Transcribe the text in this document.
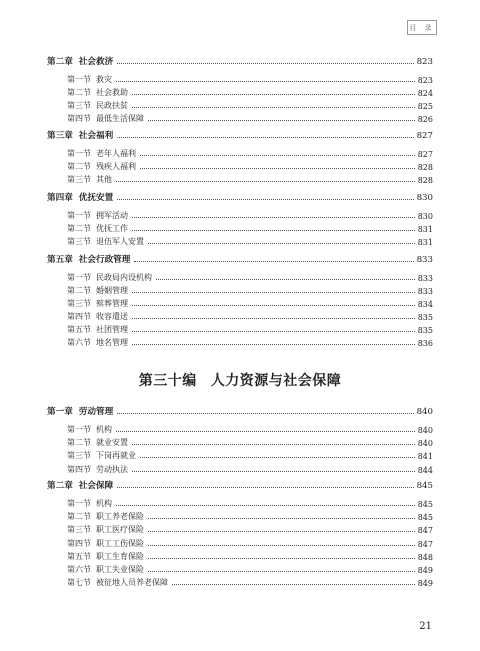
目 录
第二章 社会救济	823
第一节 救灾	823
第二节 社会救助	824
第三节 民政扶贫	825
第四节 最低生活保障	826
第三章 社会福利	827
第一节 老年人福利	827
第二节 残疾人福利	828
第三节 其他	828
第四章 优抚安置	830
第一节 拥军活动	830
第二节 优抚工作	831
第三节 退伍军人安置	831
第五章 社会行政管理	833
第一节 民政局内设机构	833
第二节 婚姻管理	833
第三节 殡葬管理	834
第四节 收容遣送	835
第五节 社团管理	835
第六节 地名管理	836
第三十编 人力资源与社会保障
第一章 劳动管理	840
第一节 机构	840
第二节 就业安置	840
第三节 下岗再就业	841
第四节 劳动执法	844
第二章 社会保障	845
第一节 机构	845
第二节 职工养老保险	845
第三节 职工医疗保险	847
第四节 职工工伤保险	847
第五节 职工生育保险	848
第六节 职工失业保险	849
第七节 被征地人员养老保障	849
21
